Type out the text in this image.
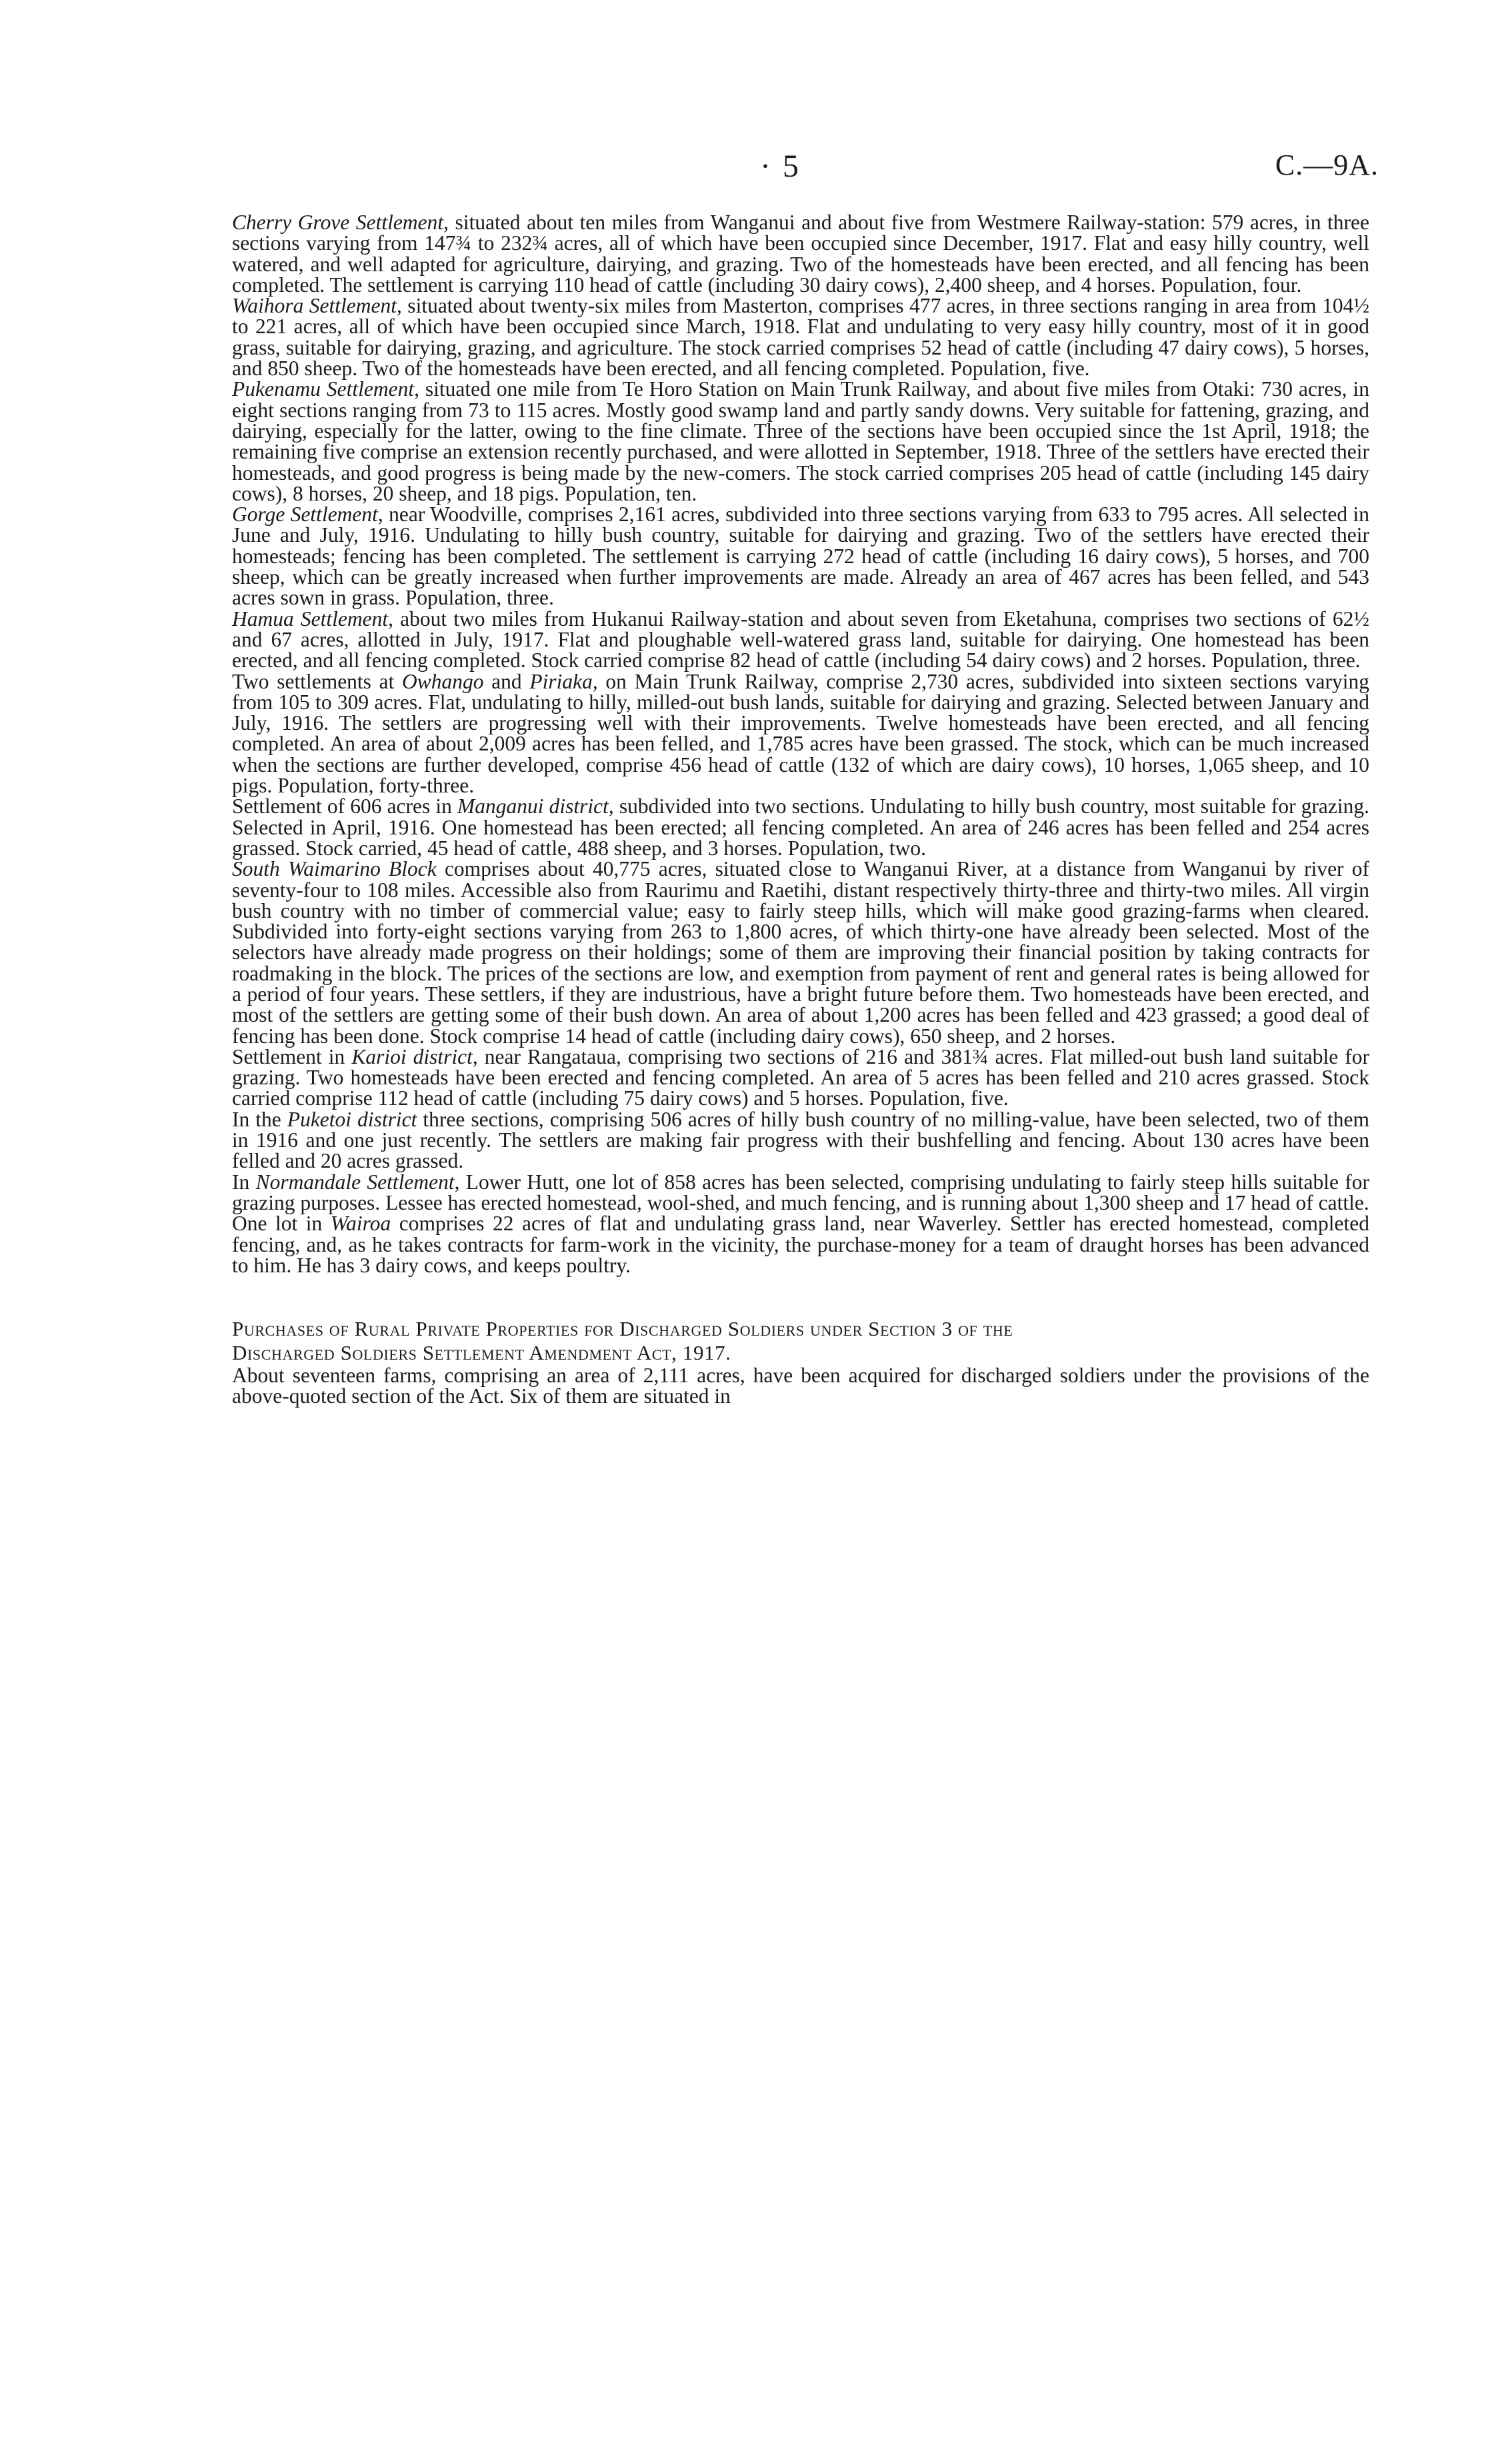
· 5	C.—9A.

Cherry Grove Settlement, situated about ten miles from Wanganui and about five from Westmere Railway-station: 579 acres, in three sections varying from 147¾ to 232¾ acres, all of which have been occupied since December, 1917. Flat and easy hilly country, well watered, and well adapted for agriculture, dairying, and grazing. Two of the homesteads have been erected, and all fencing has been completed. The settlement is carrying 110 head of cattle (including 30 dairy cows), 2,400 sheep, and 4 horses. Population, four.

Waihora Settlement, situated about twenty-six miles from Masterton, comprises 477 acres, in three sections ranging in area from 104½ to 221 acres, all of which have been occupied since March, 1918. Flat and undulating to very easy hilly country, most of it in good grass, suitable for dairying, grazing, and agriculture. The stock carried comprises 52 head of cattle (including 47 dairy cows), 5 horses, and 850 sheep. Two of the homesteads have been erected, and all fencing completed. Population, five.

Pukenamu Settlement, situated one mile from Te Horo Station on Main Trunk Railway, and about five miles from Otaki: 730 acres, in eight sections ranging from 73 to 115 acres. Mostly good swamp land and partly sandy downs. Very suitable for fattening, grazing, and dairying, especially for the latter, owing to the fine climate. Three of the sections have been occupied since the 1st April, 1918; the remaining five comprise an extension recently purchased, and were allotted in September, 1918. Three of the settlers have erected their homesteads, and good progress is being made by the new-comers. The stock carried comprises 205 head of cattle (including 145 dairy cows), 8 horses, 20 sheep, and 18 pigs. Population, ten.

Gorge Settlement, near Woodville, comprises 2,161 acres, subdivided into three sections varying from 633 to 795 acres. All selected in June and July, 1916. Undulating to hilly bush country, suitable for dairying and grazing. Two of the settlers have erected their homesteads; fencing has been completed. The settlement is carrying 272 head of cattle (including 16 dairy cows), 5 horses, and 700 sheep, which can be greatly increased when further improvements are made. Already an area of 467 acres has been felled, and 543 acres sown in grass. Population, three.

Hamua Settlement, about two miles from Hukanui Railway-station and about seven from Eketahuna, comprises two sections of 62½ and 67 acres, allotted in July, 1917. Flat and ploughable well-watered grass land, suitable for dairying. One homestead has been erected, and all fencing completed. Stock carried comprise 82 head of cattle (including 54 dairy cows) and 2 horses. Population, three.

Two settlements at Owhango and Piriaka, on Main Trunk Railway, comprise 2,730 acres, subdivided into sixteen sections varying from 105 to 309 acres. Flat, undulating to hilly, milled-out bush lands, suitable for dairying and grazing. Selected between January and July, 1916. The settlers are progressing well with their improvements. Twelve homesteads have been erected, and all fencing completed. An area of about 2,009 acres has been felled, and 1,785 acres have been grassed. The stock, which can be much increased when the sections are further developed, comprise 456 head of cattle (132 of which are dairy cows), 10 horses, 1,065 sheep, and 10 pigs. Population, forty-three.

Settlement of 606 acres in Manganui district, subdivided into two sections. Undulating to hilly bush country, most suitable for grazing. Selected in April, 1916. One homestead has been erected; all fencing completed. An area of 246 acres has been felled and 254 acres grassed. Stock carried, 45 head of cattle, 488 sheep, and 3 horses. Population, two.

South Waimarino Block comprises about 40,775 acres, situated close to Wanganui River, at a distance from Wanganui by river of seventy-four to 108 miles. Accessible also from Raurimu and Raetihi, distant respectively thirty-three and thirty-two miles. All virgin bush country with no timber of commercial value; easy to fairly steep hills, which will make good grazing-farms when cleared. Subdivided into forty-eight sections varying from 263 to 1,800 acres, of which thirty-one have already been selected. Most of the selectors have already made progress on their holdings; some of them are improving their financial position by taking contracts for roadmaking in the block. The prices of the sections are low, and exemption from payment of rent and general rates is being allowed for a period of four years. These settlers, if they are industrious, have a bright future before them. Two homesteads have been erected, and most of the settlers are getting some of their bush down. An area of about 1,200 acres has been felled and 423 grassed; a good deal of fencing has been done. Stock comprise 14 head of cattle (including dairy cows), 650 sheep, and 2 horses.

Settlement in Karioi district, near Rangataua, comprising two sections of 216 and 381¾ acres. Flat milled-out bush land suitable for grazing. Two homesteads have been erected and fencing completed. An area of 5 acres has been felled and 210 acres grassed. Stock carried comprise 112 head of cattle (including 75 dairy cows) and 5 horses. Population, five.

In the Puketoi district three sections, comprising 506 acres of hilly bush country of no milling-value, have been selected, two of them in 1916 and one just recently. The settlers are making fair progress with their bushfelling and fencing. About 130 acres have been felled and 20 acres grassed.

In Normandale Settlement, Lower Hutt, one lot of 858 acres has been selected, comprising undulating to fairly steep hills suitable for grazing purposes. Lessee has erected homestead, wool-shed, and much fencing, and is running about 1,300 sheep and 17 head of cattle.

One lot in Wairoa comprises 22 acres of flat and undulating grass land, near Waverley. Settler has erected homestead, completed fencing, and, as he takes contracts for farm-work in the vicinity, the purchase-money for a team of draught horses has been advanced to him. He has 3 dairy cows, and keeps poultry.

Purchases of Rural Private Properties for Discharged Soldiers under Section 3 of the
Discharged Soldiers Settlement Amendment Act, 1917.

About seventeen farms, comprising an area of 2,111 acres, have been acquired for discharged soldiers under the provisions of the above-quoted section of the Act. Six of them are situated in
